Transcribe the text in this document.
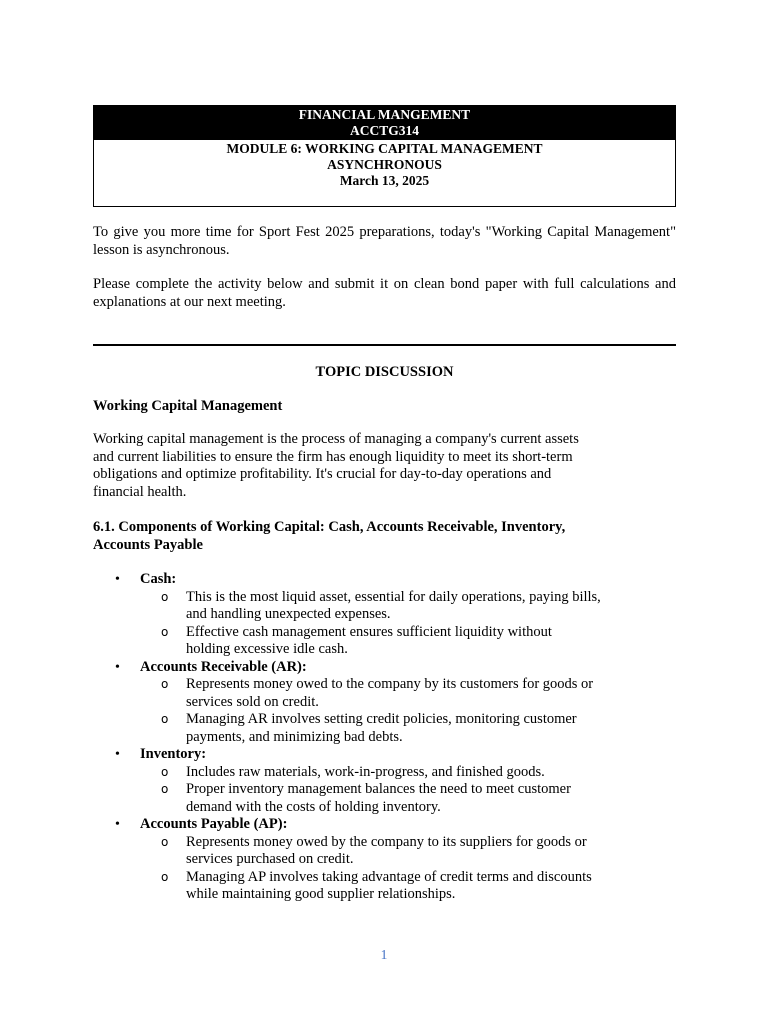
FINANCIAL MANGEMENT
ACCTG314
MODULE 6: WORKING CAPITAL MANAGEMENT
ASYNCHRONOUS
March 13, 2025

To give you more time for Sport Fest 2025 preparations, today's "Working Capital Management" lesson is asynchronous.

Please complete the activity below and submit it on clean bond paper with full calculations and explanations at our next meeting.

TOPIC DISCUSSION
Working Capital Management
Working capital management is the process of managing a company's current assets
and current liabilities to ensure the firm has enough liquidity to meet its short-term
obligations and optimize profitability. It's crucial for day-to-day operations and
financial health.
6.1. Components of Working Capital: Cash, Accounts Receivable, Inventory,
Accounts Payable
• Cash:
o This is the most liquid asset, essential for daily operations, paying bills,
and handling unexpected expenses.
o Effective cash management ensures sufficient liquidity without
holding excessive idle cash.
• Accounts Receivable (AR):
o Represents money owed to the company by its customers for goods or
services sold on credit.
o Managing AR involves setting credit policies, monitoring customer
payments, and minimizing bad debts.
• Inventory:
o Includes raw materials, work-in-progress, and finished goods.
o Proper inventory management balances the need to meet customer
demand with the costs of holding inventory.
• Accounts Payable (AP):
o Represents money owed by the company to its suppliers for goods or
services purchased on credit.
o Managing AP involves taking advantage of credit terms and discounts
while maintaining good supplier relationships.
1
